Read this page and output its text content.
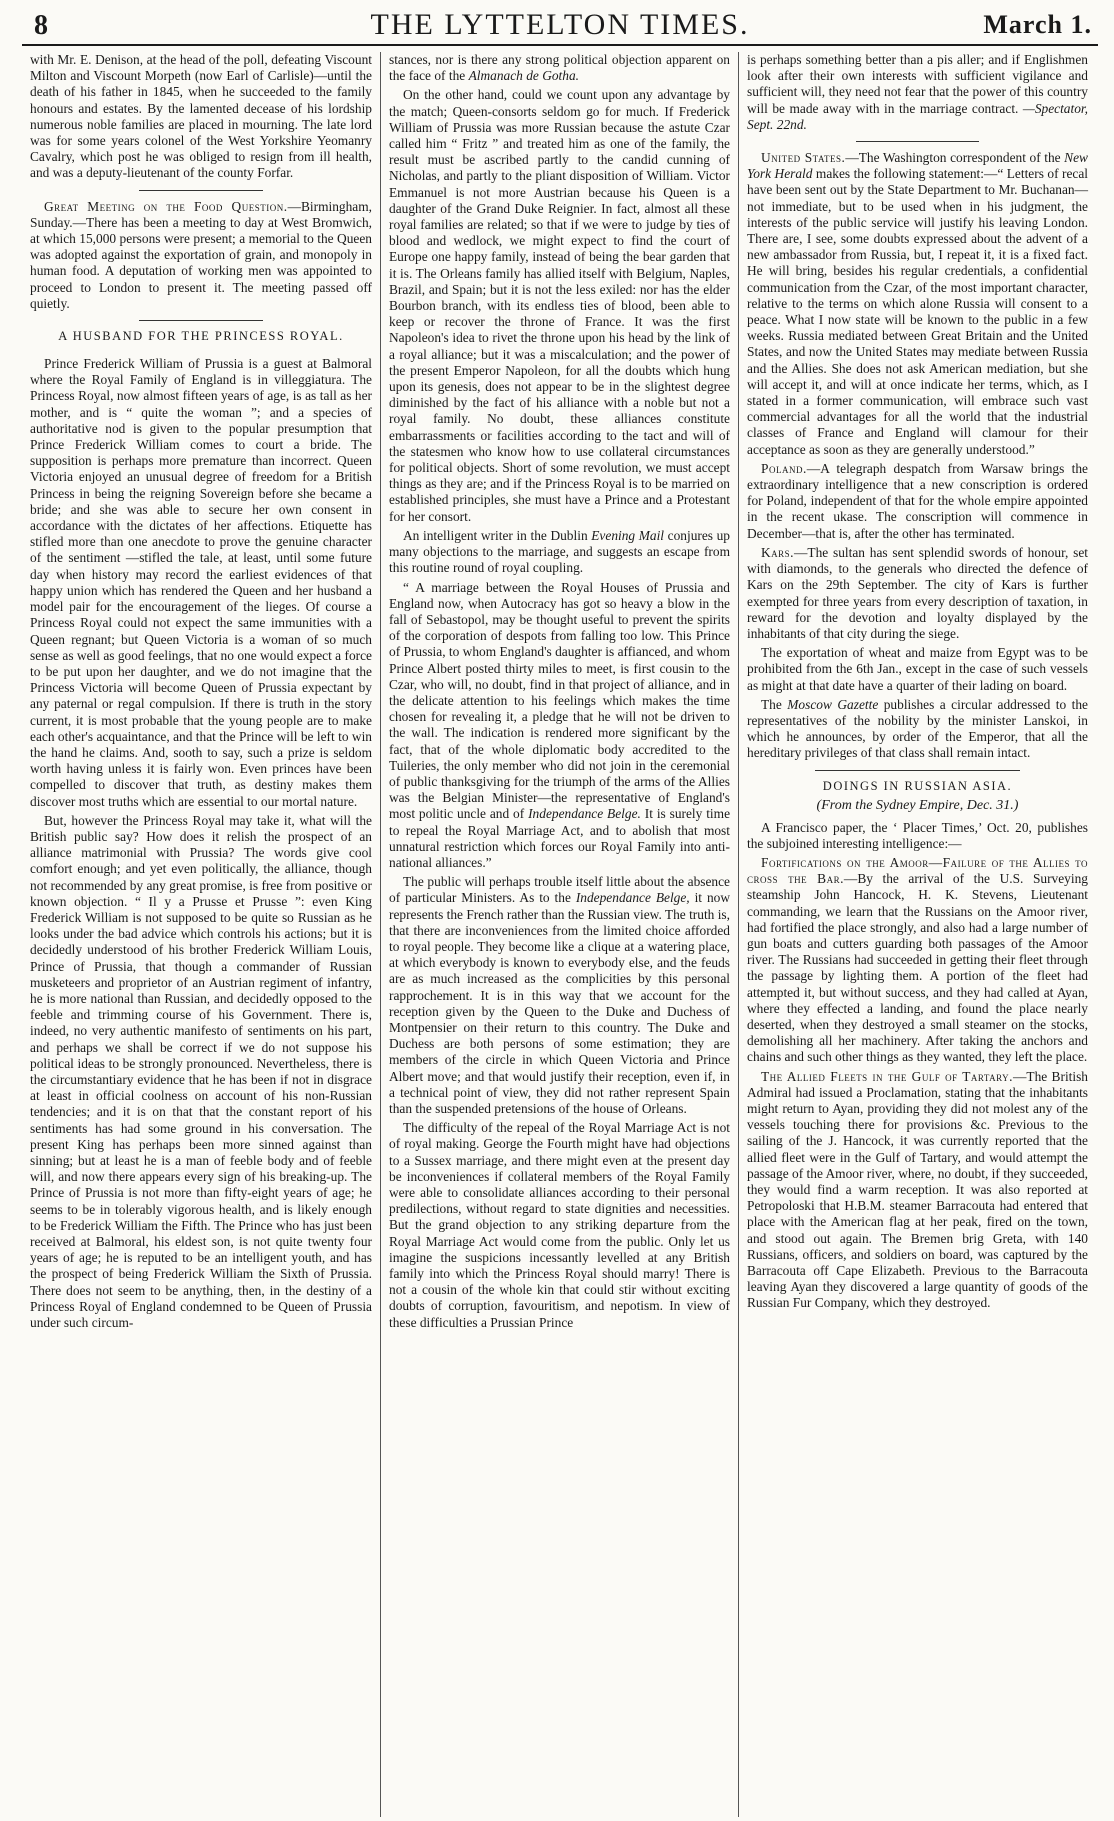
8	THE LYTTELTON TIMES.	March 1.

with Mr. E. Denison, at the head of the poll, defeating Viscount Milton and Viscount Morpeth (now Earl of Carlisle)—until the death of his father in 1845, when he succeeded to the family honours and estates. By the lamented decease of his lordship numerous noble families are placed in mourning. The late lord was for some years colonel of the West Yorkshire Yeomanry Cavalry, which post he was obliged to resign from ill health, and was a deputy-lieutenant of the county Forfar.

Great Meeting on the Food Question.—Birmingham, Sunday.—There has been a meeting to day at West Bromwich, at which 15,000 persons were present; a memorial to the Queen was adopted against the exportation of grain, and monopoly in human food. A deputation of working men was appointed to proceed to London to present it. The meeting passed off quietly.

A HUSBAND FOR THE PRINCESS ROYAL.

Prince Frederick William of Prussia is a guest at Balmoral where the Royal Family of England is in villeggiatura. The Princess Royal, now almost fifteen years of age, is as tall as her mother, and is “ quite the woman ”; and a species of authoritative nod is given to the popular presumption that Prince Frederick William comes to court a bride. The supposition is perhaps more premature than incorrect. Queen Victoria enjoyed an unusual degree of freedom for a British Princess in being the reigning Sovereign before she became a bride; and she was able to secure her own consent in accordance with the dictates of her affections. Etiquette has stifled more than one anecdote to prove the genuine character of the sentiment —stifled the tale, at least, until some future day when history may record the earliest evidences of that happy union which has rendered the Queen and her husband a model pair for the encouragement of the lieges. Of course a Princess Royal could not expect the same immunities with a Queen regnant; but Queen Victoria is a woman of so much sense as well as good feelings, that no one would expect a force to be put upon her daughter, and we do not imagine that the Princess Victoria will become Queen of Prussia expectant by any paternal or regal compulsion. If there is truth in the story current, it is most probable that the young people are to make each other's acquaintance, and that the Prince will be left to win the hand he claims. And, sooth to say, such a prize is seldom worth having unless it is fairly won. Even princes have been compelled to discover that truth, as destiny makes them discover most truths which are essential to our mortal nature.

But, however the Princess Royal may take it, what will the British public say? How does it relish the prospect of an alliance matrimonial with Prussia? The words give cool comfort enough; and yet even politically, the alliance, though not recommended by any great promise, is free from positive or known objection. “ Il y a Prusse et Prusse ”: even King Frederick William is not supposed to be quite so Russian as he looks under the bad advice which controls his actions; but it is decidedly understood of his brother Frederick William Louis, Prince of Prussia, that though a commander of Russian musketeers and proprietor of an Austrian regiment of infantry, he is more national than Russian, and decidedly opposed to the feeble and trimming course of his Government. There is, indeed, no very authentic manifesto of sentiments on his part, and perhaps we shall be correct if we do not suppose his political ideas to be strongly pronounced. Nevertheless, there is the circumstantiary evidence that he has been if not in disgrace at least in official coolness on account of his non-Russian tendencies; and it is on that that the constant report of his sentiments has had some ground in his conversation. The present King has perhaps been more sinned against than sinning; but at least he is a man of feeble body and of feeble will, and now there appears every sign of his breaking-up. The Prince of Prussia is not more than fifty-eight years of age; he seems to be in tolerably vigorous health, and is likely enough to be Frederick William the Fifth. The Prince who has just been received at Balmoral, his eldest son, is not quite twenty four years of age; he is reputed to be an intelligent youth, and has the prospect of being Frederick William the Sixth of Prussia. There does not seem to be anything, then, in the destiny of a Princess Royal of England condemned to be Queen of Prussia under such circum-

stances, nor is there any strong political objection apparent on the face of the Almanach de Gotha.

On the other hand, could we count upon any advantage by the match; Queen-consorts seldom go for much. If Frederick William of Prussia was more Russian because the astute Czar called him “ Fritz ” and treated him as one of the family, the result must be ascribed partly to the candid cunning of Nicholas, and partly to the pliant disposition of William. Victor Emmanuel is not more Austrian because his Queen is a daughter of the Grand Duke Reignier. In fact, almost all these royal families are related; so that if we were to judge by ties of blood and wedlock, we might expect to find the court of Europe one happy family, instead of being the bear garden that it is. The Orleans family has allied itself with Belgium, Naples, Brazil, and Spain; but it is not the less exiled: nor has the elder Bourbon branch, with its endless ties of blood, been able to keep or recover the throne of France. It was the first Napoleon's idea to rivet the throne upon his head by the link of a royal alliance; but it was a miscalculation; and the power of the present Emperor Napoleon, for all the doubts which hung upon its genesis, does not appear to be in the slightest degree diminished by the fact of his alliance with a noble but not a royal family. No doubt, these alliances constitute embarrassments or facilities according to the tact and will of the statesmen who know how to use collateral circumstances for political objects. Short of some revolution, we must accept things as they are; and if the Princess Royal is to be married on established principles, she must have a Prince and a Protestant for her consort.

An intelligent writer in the Dublin Evening Mail conjures up many objections to the marriage, and suggests an escape from this routine round of royal coupling.

“ A marriage between the Royal Houses of Prussia and England now, when Autocracy has got so heavy a blow in the fall of Sebastopol, may be thought useful to prevent the spirits of the corporation of despots from falling too low. This Prince of Prussia, to whom England's daughter is affianced, and whom Prince Albert posted thirty miles to meet, is first cousin to the Czar, who will, no doubt, find in that project of alliance, and in the delicate attention to his feelings which makes the time chosen for revealing it, a pledge that he will not be driven to the wall. The indication is rendered more significant by the fact, that of the whole diplomatic body accredited to the Tuileries, the only member who did not join in the ceremonial of public thanksgiving for the triumph of the arms of the Allies was the Belgian Minister—the representative of England's most politic uncle and of Independance Belge. It is surely time to repeal the Royal Marriage Act, and to abolish that most unnatural restriction which forces our Royal Family into anti-national alliances.”

The public will perhaps trouble itself little about the absence of particular Ministers. As to the Independance Belge, it now represents the French rather than the Russian view. The truth is, that there are inconveniences from the limited choice afforded to royal people. They become like a clique at a watering place, at which everybody is known to everybody else, and the feuds are as much increased as the complicities by this personal rapprochement. It is in this way that we account for the reception given by the Queen to the Duke and Duchess of Montpensier on their return to this country. The Duke and Duchess are both persons of some estimation; they are members of the circle in which Queen Victoria and Prince Albert move; and that would justify their reception, even if, in a technical point of view, they did not rather represent Spain than the suspended pretensions of the house of Orleans.

The difficulty of the repeal of the Royal Marriage Act is not of royal making. George the Fourth might have had objections to a Sussex marriage, and there might even at the present day be inconveniences if collateral members of the Royal Family were able to consolidate alliances according to their personal predilections, without regard to state dignities and necessities. But the grand objection to any striking departure from the Royal Marriage Act would come from the public. Only let us imagine the suspicions incessantly levelled at any British family into which the Princess Royal should marry! There is not a cousin of the whole kin that could stir without exciting doubts of corruption, favouritism, and nepotism. In view of these difficulties a Prussian Prince

is perhaps something better than a pis aller; and if Englishmen look after their own interests with sufficient vigilance and sufficient will, they need not fear that the power of this country will be made away with in the marriage contract. —Spectator, Sept. 22nd.

United States.—The Washington correspondent of the New York Herald makes the following statement:—“ Letters of recal have been sent out by the State Department to Mr. Buchanan—not immediate, but to be used when in his judgment, the interests of the public service will justify his leaving London. There are, I see, some doubts expressed about the advent of a new ambassador from Russia, but, I repeat it, it is a fixed fact. He will bring, besides his regular credentials, a confidential communication from the Czar, of the most important character, relative to the terms on which alone Russia will consent to a peace. What I now state will be known to the public in a few weeks. Russia mediated between Great Britain and the United States, and now the United States may mediate between Russia and the Allies. She does not ask American mediation, but she will accept it, and will at once indicate her terms, which, as I stated in a former communication, will embrace such vast commercial advantages for all the world that the industrial classes of France and England will clamour for their acceptance as soon as they are generally understood.”

Poland.—A telegraph despatch from Warsaw brings the extraordinary intelligence that a new conscription is ordered for Poland, independent of that for the whole empire appointed in the recent ukase. The conscription will commence in December—that is, after the other has terminated.

Kars.—The sultan has sent splendid swords of honour, set with diamonds, to the generals who directed the defence of Kars on the 29th September. The city of Kars is further exempted for three years from every description of taxation, in reward for the devotion and loyalty displayed by the inhabitants of that city during the siege.

The exportation of wheat and maize from Egypt was to be prohibited from the 6th Jan., except in the case of such vessels as might at that date have a quarter of their lading on board.

The Moscow Gazette publishes a circular addressed to the representatives of the nobility by the minister Lanskoi, in which he announces, by order of the Emperor, that all the hereditary privileges of that class shall remain intact.

DOINGS IN RUSSIAN ASIA.
(From the Sydney Empire, Dec. 31.)

A Francisco paper, the ‘ Placer Times,’ Oct. 20, publishes the subjoined interesting intelligence:—

Fortifications on the Amoor—Failure of the Allies to cross the Bar.—By the arrival of the U.S. Surveying steamship John Hancock, H. K. Stevens, Lieutenant commanding, we learn that the Russians on the Amoor river, had fortified the place strongly, and also had a large number of gun boats and cutters guarding both passages of the Amoor river. The Russians had succeeded in getting their fleet through the passage by lighting them. A portion of the fleet had attempted it, but without success, and they had called at Ayan, where they effected a landing, and found the place nearly deserted, when they destroyed a small steamer on the stocks, demolishing all her machinery. After taking the anchors and chains and such other things as they wanted, they left the place.

The Allied Fleets in the Gulf of Tartary.—The British Admiral had issued a Proclamation, stating that the inhabitants might return to Ayan, providing they did not molest any of the vessels touching there for provisions &c. Previous to the sailing of the J. Hancock, it was currently reported that the allied fleet were in the Gulf of Tartary, and would attempt the passage of the Amoor river, where, no doubt, if they succeeded, they would find a warm reception. It was also reported at Petropoloski that H.B.M. steamer Barracouta had entered that place with the American flag at her peak, fired on the town, and stood out again. The Bremen brig Greta, with 140 Russians, officers, and soldiers on board, was captured by the Barracouta off Cape Elizabeth. Previous to the Barracouta leaving Ayan they discovered a large quantity of goods of the Russian Fur Company, which they destroyed.
